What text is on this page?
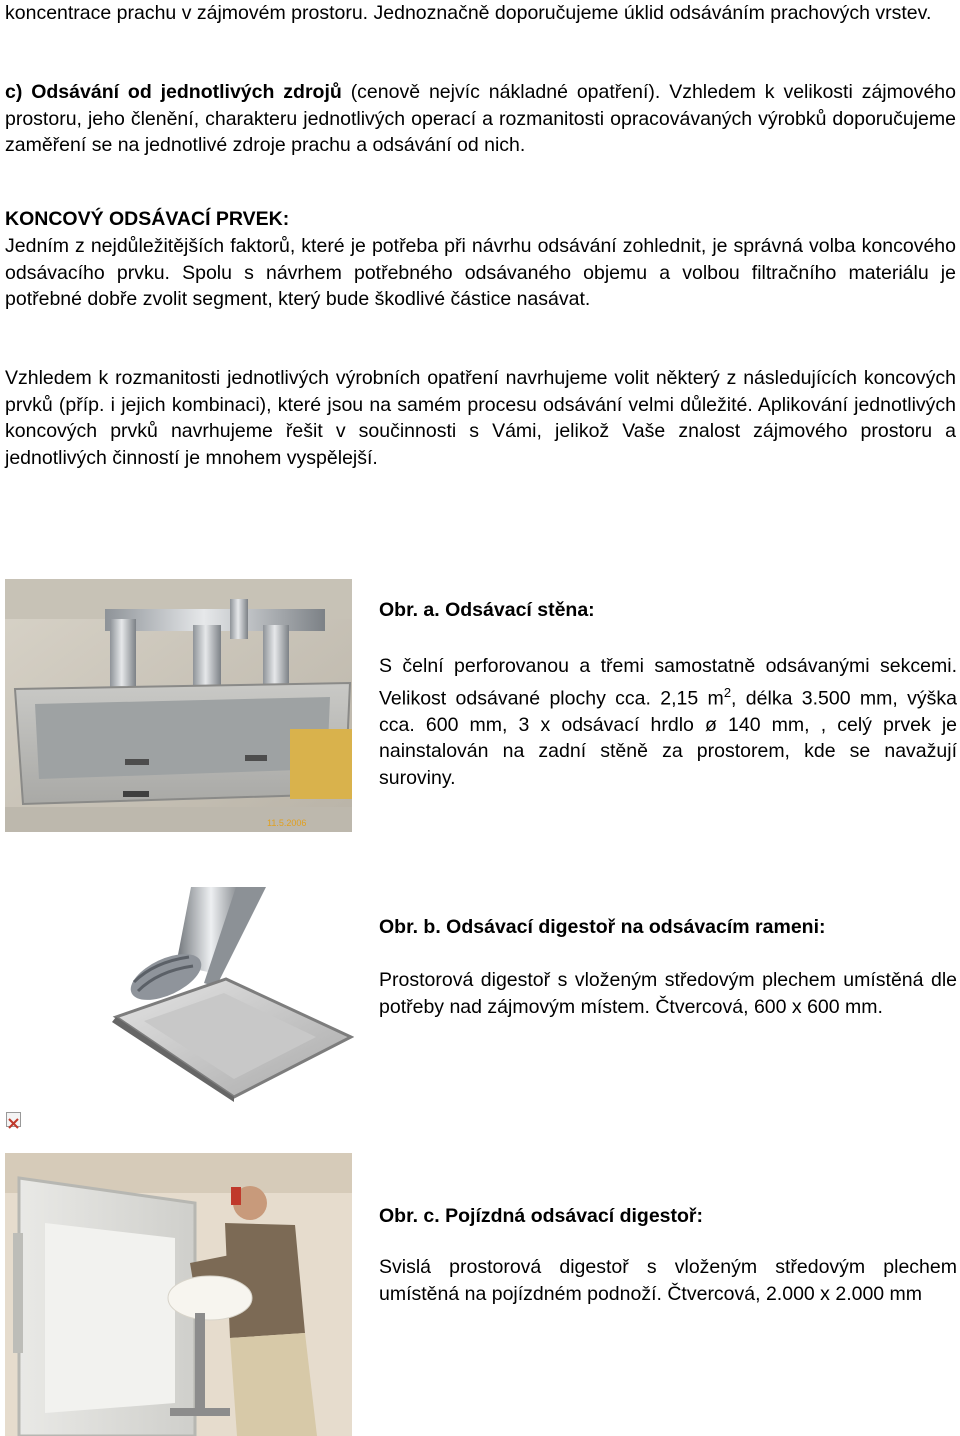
koncentrace prachu v zájmovém prostoru. Jednoznačně doporučujeme úklid odsáváním prachových vrstev.

c) Odsávání od jednotlivých zdrojů (cenově nejvíc nákladné opatření). Vzhledem k velikosti zájmového prostoru, jeho členění, charakteru jednotlivých operací a rozmanitosti opracovávaných výrobků doporučujeme zaměření se na jednotlivé zdroje prachu a odsávání od nich.

KONCOVÝ ODSÁVACÍ PRVEK:

Jedním z nejdůležitějších faktorů, které je potřeba při návrhu odsávání zohlednit, je správná volba koncového odsávacího prvku. Spolu s návrhem potřebného odsávaného objemu a volbou filtračního materiálu je potřebné dobře zvolit segment, který bude škodlivé částice nasávat.

Vzhledem k rozmanitosti jednotlivých výrobních opatření navrhujeme volit některý z následujících koncových prvků (příp. i jejich kombinaci), které jsou na samém procesu odsávání velmi důležité. Aplikování jednotlivých koncových prvků navrhujeme řešit v součinnosti s Vámi, jelikož Vaše znalost zájmového prostoru a jednotlivých činností je mnohem vyspělejší.

11.5.2006

Obr. a. Odsávací stěna:

S čelní perforovanou a třemi samostatně odsávanými sekcemi. Velikost odsávané plochy cca. 2,15 $m^2$, délka 3.500 mm, výška cca. 600 mm, 3 x odsávací hrdlo ø 140 mm, , celý prvek je nainstalován na zadní stěně za prostorem, kde se navažují suroviny.

Obr. b. Odsávací digestoř na odsávacím rameni:

Prostorová digestoř s vloženým středovým plechem umístěná dle potřeby nad zájmovým místem. Čtvercová, 600 x 600 mm.

Obr. c. Pojízdná odsávací digestoř:

Svislá prostorová digestoř s vloženým středovým plechem umístěná na pojízdném podnoží. Čtvercová, 2.000 x 2.000 mm
